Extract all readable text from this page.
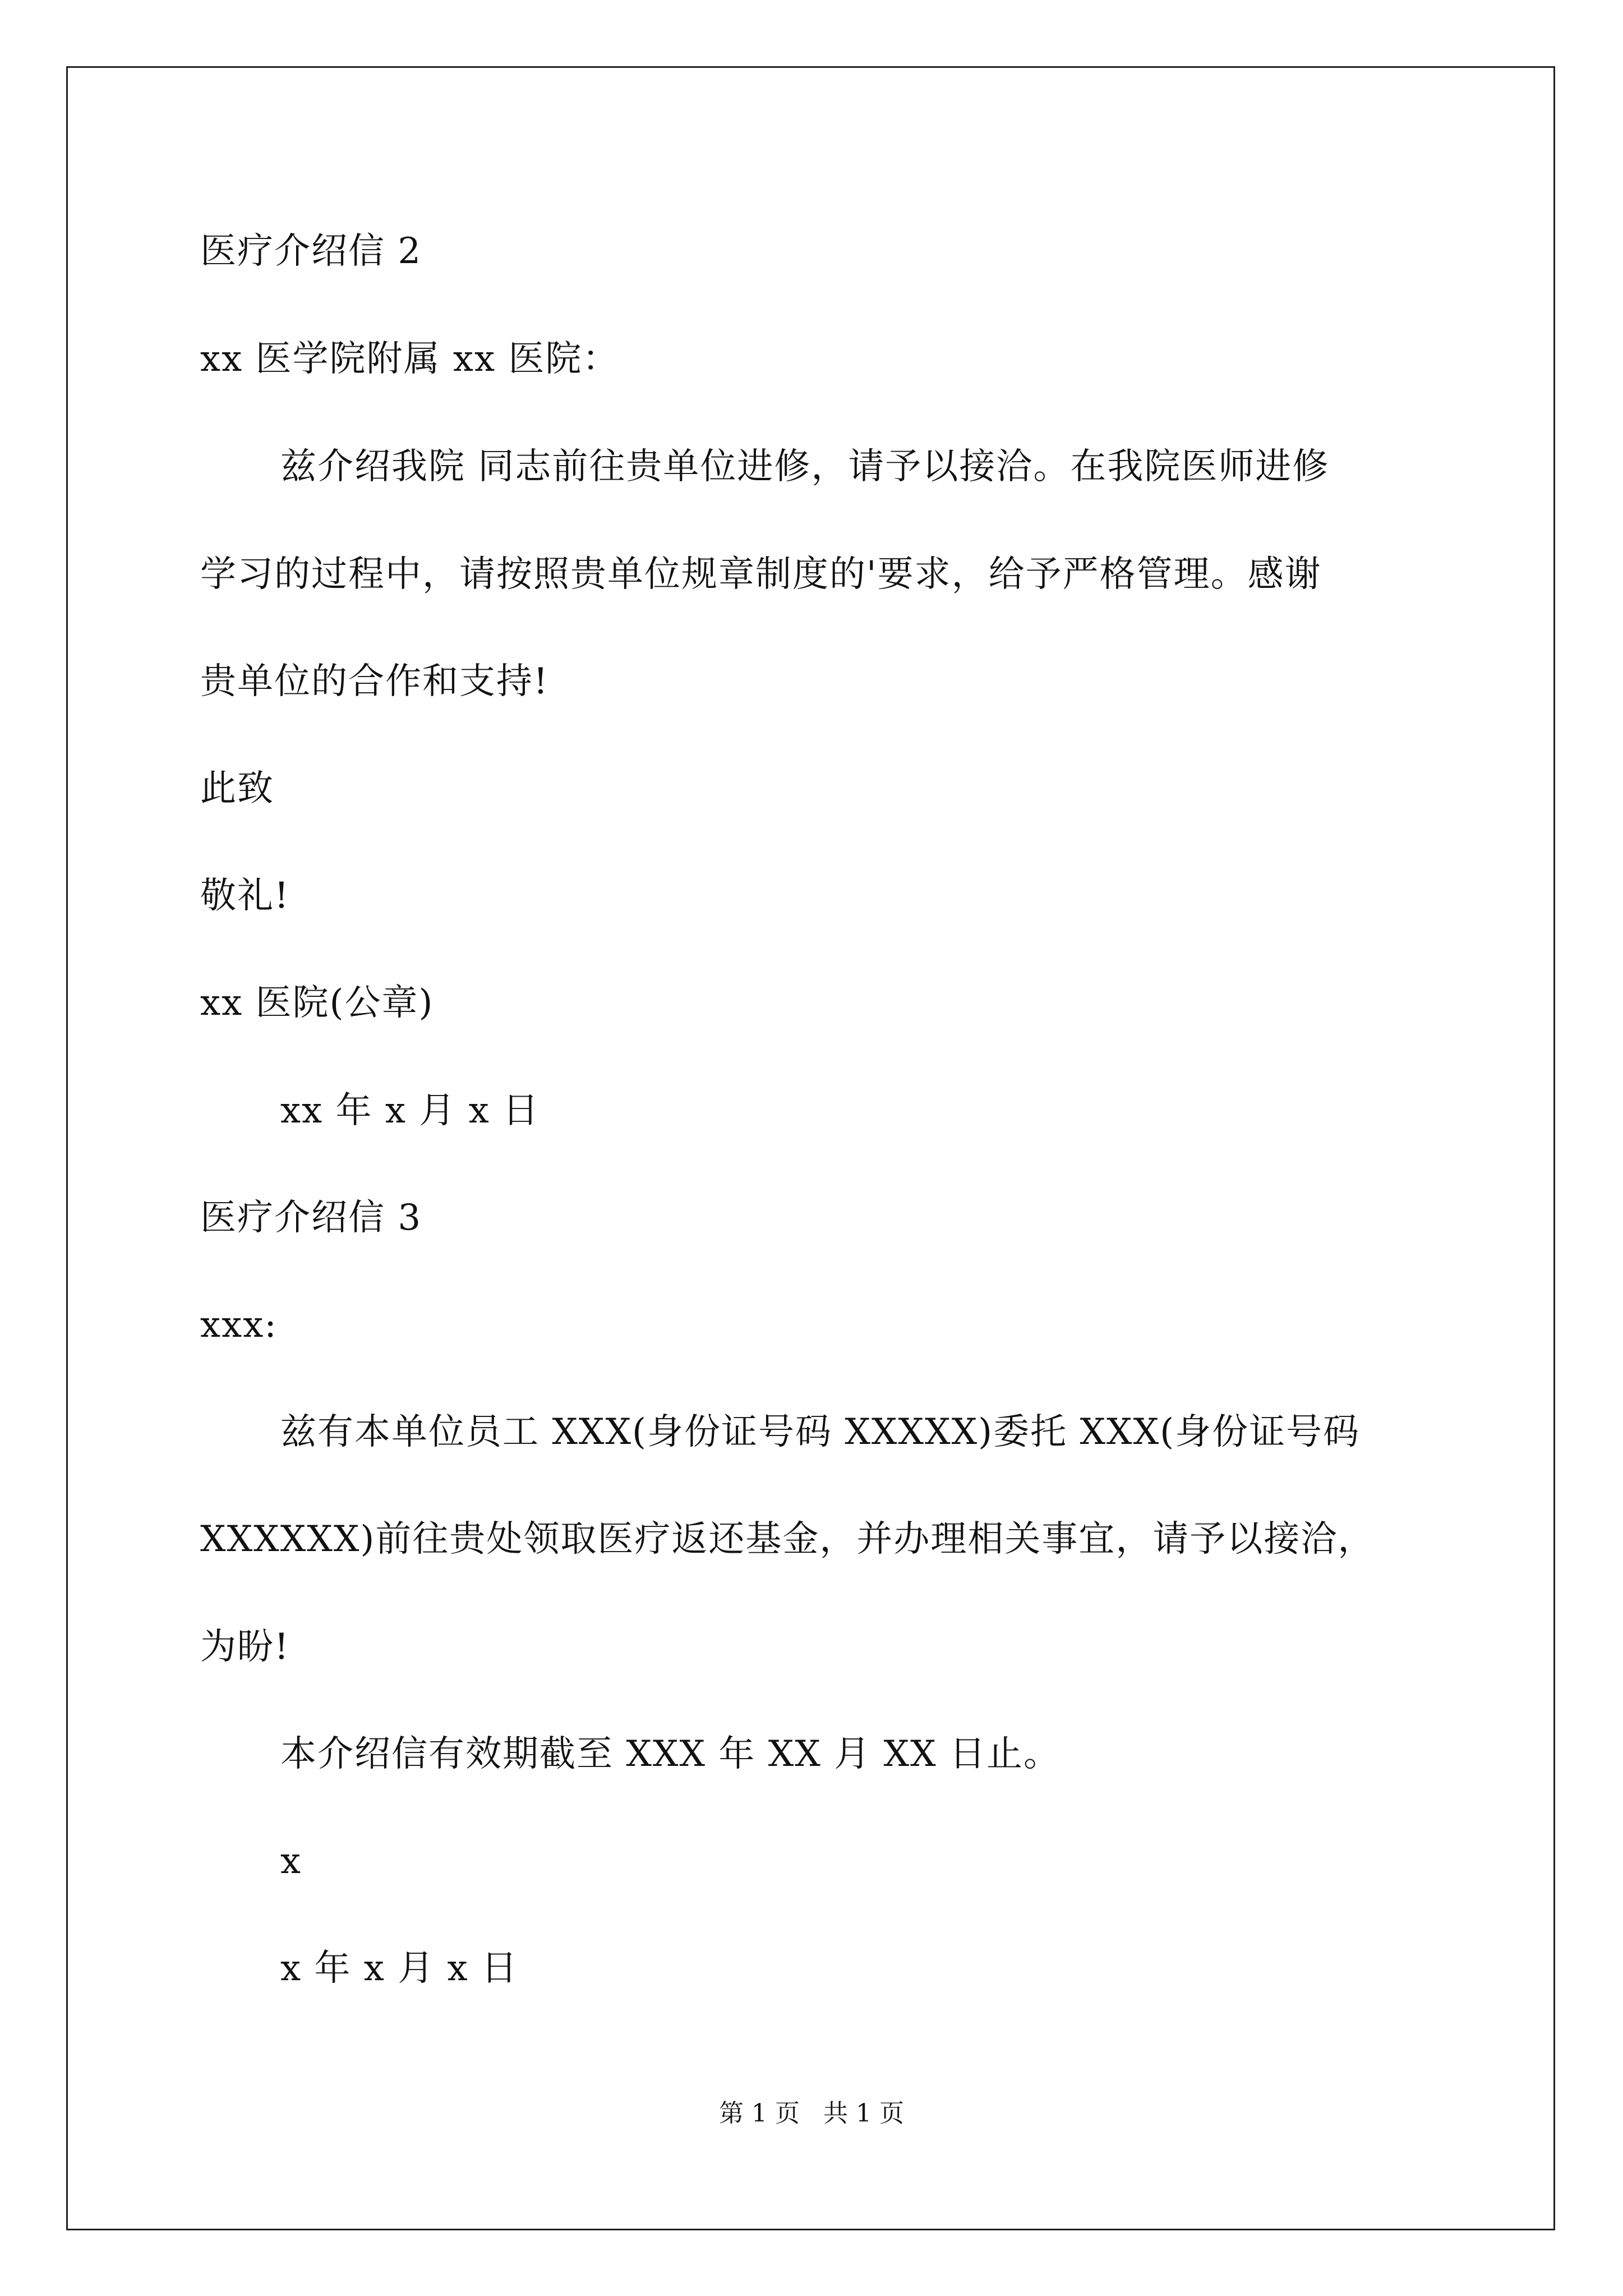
医疗介绍信 2
xx 医学院附属 xx 医院：
兹介绍我院 同志前往贵单位进修，请予以接洽。在我院医师进修
学习的过程中，请按照贵单位规章制度的'要求，给予严格管理。感谢
贵单位的合作和支持!
此致
敬礼!
xx 医院(公章)
xx 年 x 月 x 日
医疗介绍信 3
xxx:
兹有本单位员工 XXX(身份证号码 XXXXX)委托 XXX(身份证号码
XXXXXX)前往贵处领取医疗返还基金，并办理相关事宜，请予以接洽，
为盼!
本介绍信有效期截至 XXX 年 XX 月 XX 日止。
x
x 年 x 月 x 日
第 1 页   共 1 页
